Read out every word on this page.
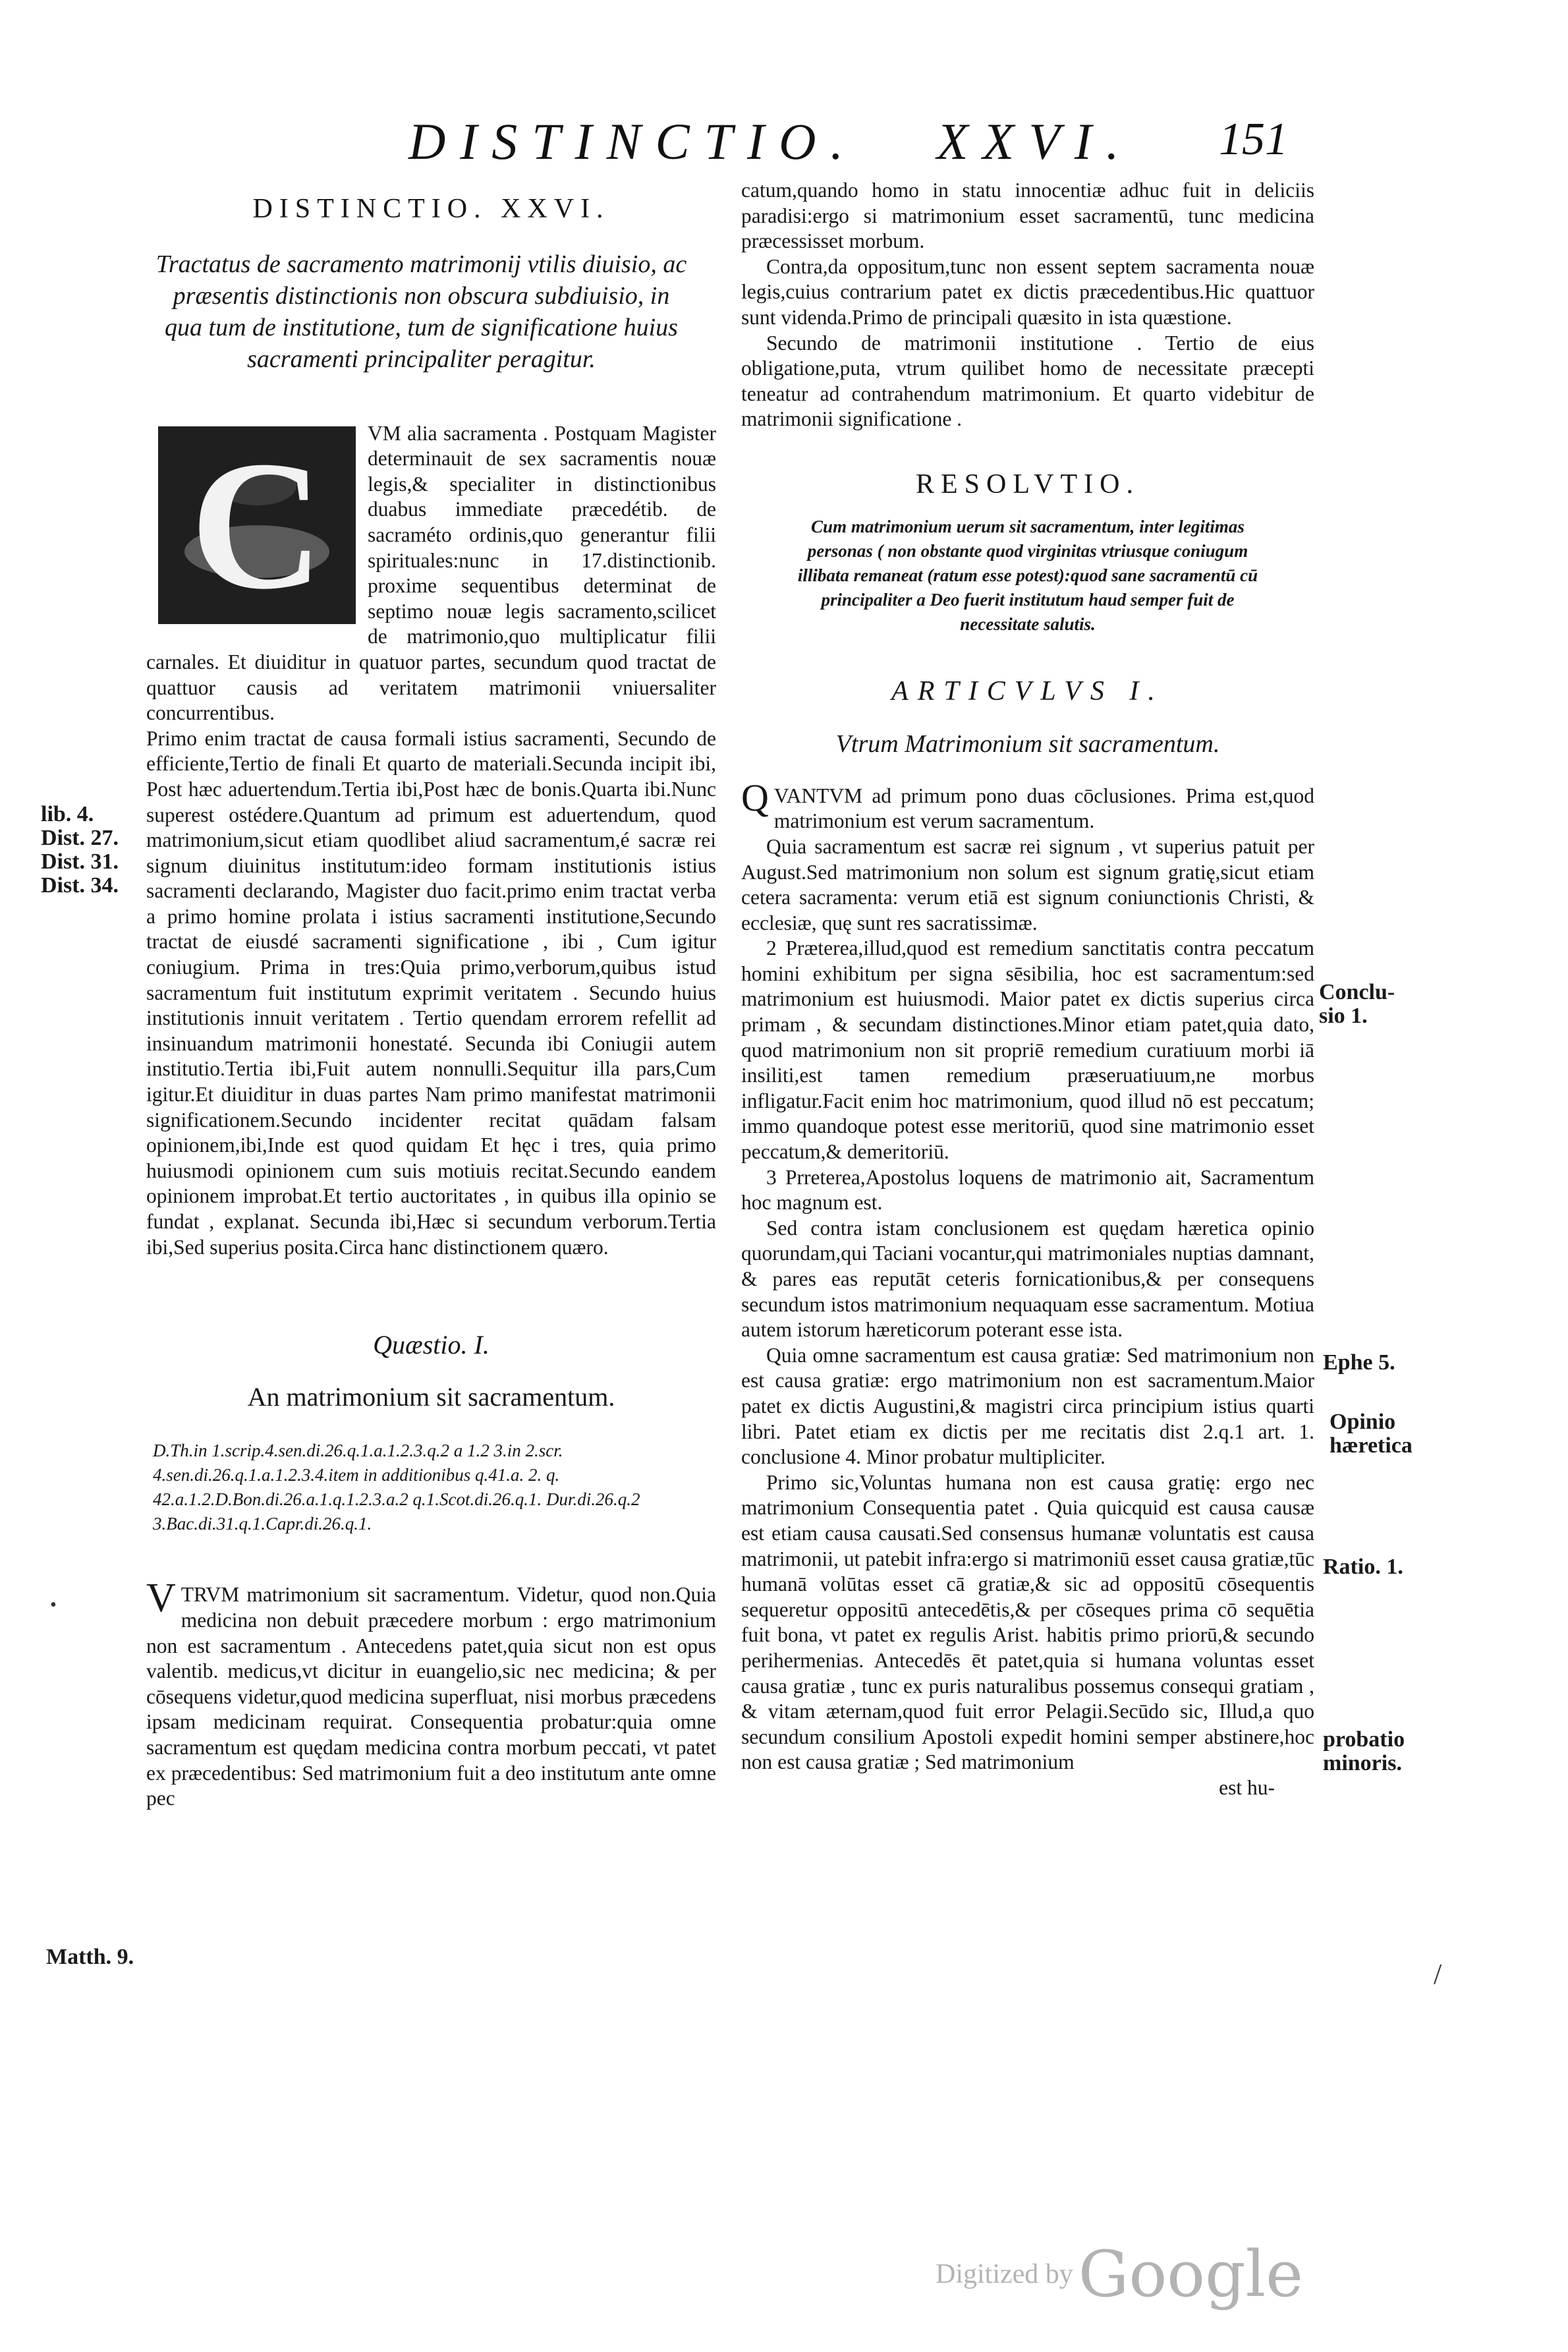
DISTINCTIO. XXVI. 151
DISTINCTIO. XXVI.
Tractatus de sacramento matrimonij vtilis diuisio, ac præsentis distinctionis non obscura subdiuisio, in qua tum de institutione, tum de significatione huius sacramenti principaliter peragitur.
C	VM alia sacramenta . Postquam Magister determinauit de sex sacramentis nouæ legis,& specialiter in distinctionibus duabus immediate præcedétib. de sacraméto ordinis,quo generantur filii spirituales:nunc in 17.distinctionib. proxime sequentibus determinat de septimo nouæ legis sacramento,scilicet de matrimonio,quo multiplicatur filii carnales. Et diuiditur in quatuor partes, secundum quod tractat de quattuor causis ad veritatem matrimonii vniuersaliter concurrentibus.

Primo enim tractat de causa formali istius sacramenti, Secundo de efficiente,Tertio de finali Et quarto de materiali.Secunda incipit ibi, Post hæc aduertendum.Tertia ibi,Post hæc de bonis.Quarta ibi.Nunc superest ostédere.Quantum ad primum est aduertendum, quod matrimonium,sicut etiam quodlibet aliud sacramentum,é sacræ rei signum diuinitus institutum:ideo formam institutionis istius sacramenti declarando, Magister duo facit.primo enim tractat verba a primo homine prolata i istius sacramenti institutione,Secundo tractat de eiusdé sacramenti significatione , ibi , Cum igitur coniugium. Prima in tres:Quia primo,verborum,quibus istud sacramentum fuit institutum exprimit veritatem . Secundo huius institutionis innuit veritatem . Tertio quendam errorem refellit ad insinuandum matrimonii honestaté. Secunda ibi Coniugii autem institutio.Tertia ibi,Fuit autem nonnulli.Sequitur illa pars,Cum igitur.Et diuiditur in duas partes Nam primo manifestat matrimonii significationem.Secundo incidenter recitat quādam falsam opinionem,ibi,Inde est quod quidam Et hęc i tres, quia primo huiusmodi opinionem cum suis motiuis recitat.Secundo eandem opinionem improbat.Et tertio auctoritates , in quibus illa opinio se fundat , explanat. Secunda ibi,Hæc si secundum verborum.Tertia ibi,Sed superius posita.Circa hanc distinctionem quæro.

Quæstio. I.
An matrimonium sit sacramentum.
D.Th.in 1.scrip.4.sen.di.26.q.1.a.1.2.3.q.2 a 1.2 3.in 2.scr. 4.sen.di.26.q.1.a.1.2.3.4.item in additionibus q.41.a. 2. q. 42.a.1.2.D.Bon.di.26.a.1.q.1.2.3.a.2 q.1.Scot.di.26.q.1. Dur.di.26.q.2 3.Bac.di.31.q.1.Capr.di.26.q.1.

VTRVM matrimonium sit sacramentum. Videtur, quod non.Quia medicina non debuit præcedere morbum : ergo matrimonium non est sacramentum . Antecedens patet,quia sicut non est opus valentib. medicus,vt dicitur in euangelio,sic nec medicina; & per cōsequens videtur,quod medicina superfluat, nisi morbus præcedens ipsam medicinam requirat. Consequentia probatur:quia omne sacramentum est quędam medicina contra morbum peccati, vt patet ex præcedentibus: Sed matrimonium fuit a deo institutum ante omne pec

catum,quando homo in statu innocentiæ adhuc fuit in deliciis paradisi:ergo si matrimonium esset sacramentū, tunc medicina præcessisset morbum.

Contra,da oppositum,tunc non essent septem sacramenta nouæ legis,cuius contrarium patet ex dictis præcedentibus.Hic quattuor sunt videnda.Primo de principali quæsito in ista quæstione.

Secundo de matrimonii institutione . Tertio de eius obligatione,puta, vtrum quilibet homo de necessitate præcepti teneatur ad contrahendum matrimonium. Et quarto videbitur de matrimonii significatione .

RESOLVTIO.
Cum matrimonium uerum sit sacramentum, inter legitimas personas ( non obstante quod virginitas vtriusque coniugum illibata remaneat (ratum esse potest):quod sane sacramentū cū principaliter a Deo fuerit institutum haud semper fuit de necessitate salutis.
ARTICVLVS I.
Vtrum Matrimonium sit sacramentum.

QVANTVM ad primum pono duas cōclusiones. Prima est,quod matrimonium est verum sacramentum.

Quia sacramentum est sacræ rei signum , vt superius patuit per August.Sed matrimonium non solum est signum gratię,sicut etiam cetera sacramenta: verum etiā est signum coniunctionis Christi, & ecclesiæ, quę sunt res sacratissimæ.

2 Præterea,illud,quod est remedium sanctitatis contra peccatum homini exhibitum per signa sēsibilia, hoc est sacramentum:sed matrimonium est huiusmodi. Maior patet ex dictis superius circa primam , & secundam distinctiones.Minor etiam patet,quia dato, quod matrimonium non sit propriē remedium curatiuum morbi iā insiliti,est tamen remedium præseruatiuum,ne morbus infligatur.Facit enim hoc matrimonium, quod illud nō est peccatum; immo quandoque potest esse meritoriū, quod sine matrimonio esset peccatum,& demeritoriū.

3 Prreterea,Apostolus loquens de matrimonio ait, Sacramentum hoc magnum est.

Sed contra istam conclusionem est quędam hæretica opinio quorundam,qui Taciani vocantur,qui matrimoniales nuptias damnant, & pares eas reputāt ceteris fornicationibus,& per consequens secundum istos matrimonium nequaquam esse sacramentum. Motiua autem istorum hæreticorum poterant esse ista.

Quia omne sacramentum est causa gratiæ: Sed matrimonium non est causa gratiæ: ergo matrimonium non est sacramentum.Maior patet ex dictis Augustini,& magistri circa principium istius quarti libri. Patet etiam ex dictis per me recitatis dist 2.q.1 art. 1. conclusione 4. Minor probatur multipliciter.

Primo sic,Voluntas humana non est causa gratię: ergo nec matrimonium Consequentia patet . Quia quicquid est causa causæ est etiam causa causati.Sed consensus humanæ voluntatis est causa matrimonii, ut patebit infra:ergo si matrimoniū esset causa gratiæ,tūc humanā volūtas esset cā gratiæ,& sic ad oppositū cōsequentis sequeretur oppositū antecedētis,& per cōseques prima cō sequētia fuit bona, vt patet ex regulis Arist. habitis primo priorū,& secundo perihermenias. Antecedēs ēt patet,quia si humana voluntas esset causa gratiæ , tunc ex puris naturalibus possemus consequi gratiam , & vitam æternam,quod fuit error Pelagii.Secūdo sic, Illud,a quo secundum consilium Apostoli expedit homini semper abstinere,hoc non est causa gratiæ ; Sed matrimonium

est hu-
lib. 4.
Dist. 27.
Dist. 31.
Dist. 34.
Matth. 9.
Conclu-
sio 1.
Ephe 5.
Opinio
hæretica
Ratio. 1.
probatio
minoris.
•
/
Digitized byGoogle
